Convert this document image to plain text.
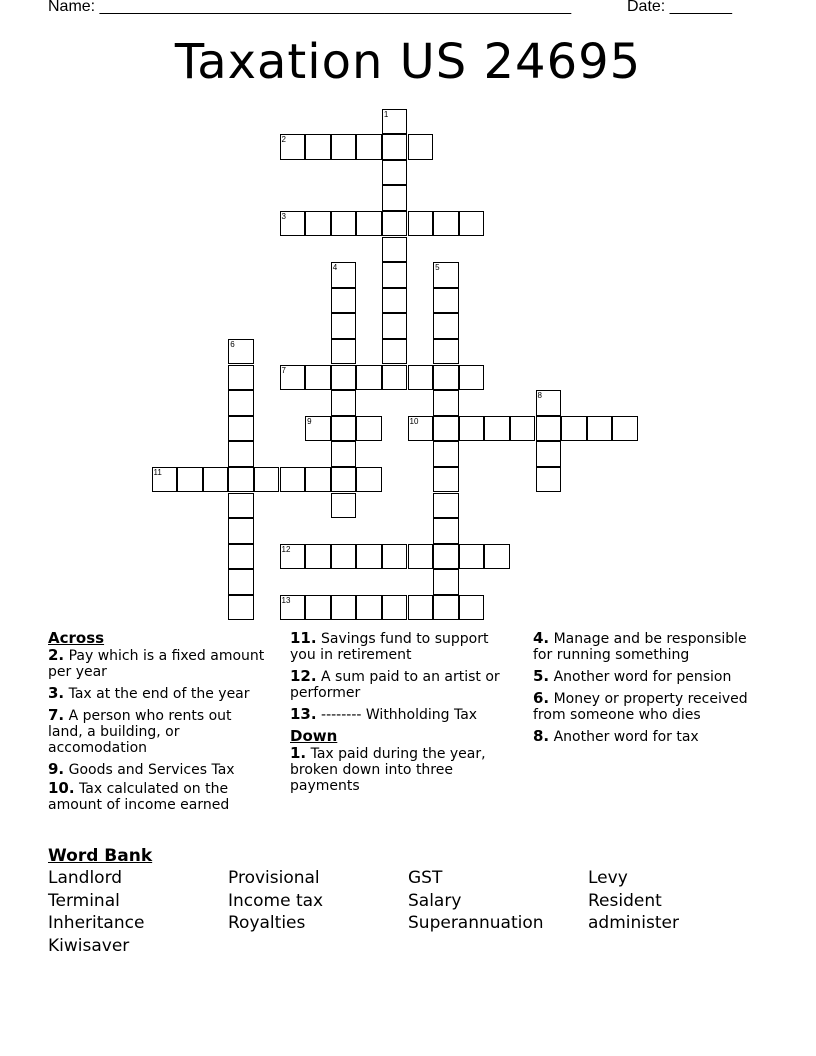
Name: _____________________________________________________	Date: _______
Taxation US 24695
1
2
3
4	5
6
7
8
9	10
11
12
13
Across
2. Pay which is a fixed amount per year
3. Tax at the end of the year
7. A person who rents out land, a building, or accomodation
9. Goods and Services Tax
10. Tax calculated on the amount of income earned
11. Savings fund to support you in retirement
12. A sum paid to an artist or performer
13. -------- Withholding Tax
Down
1. Tax paid during the year, broken down into three payments
4. Manage and be responsible for running something
5. Another word for pension
6. Money or property received from someone who dies
8. Another word for tax
Word Bank
Landlord	Provisional	GST	Levy
Terminal	Income tax	Salary	Resident
Inheritance	Royalties	Superannuation	administer
Kiwisaver
